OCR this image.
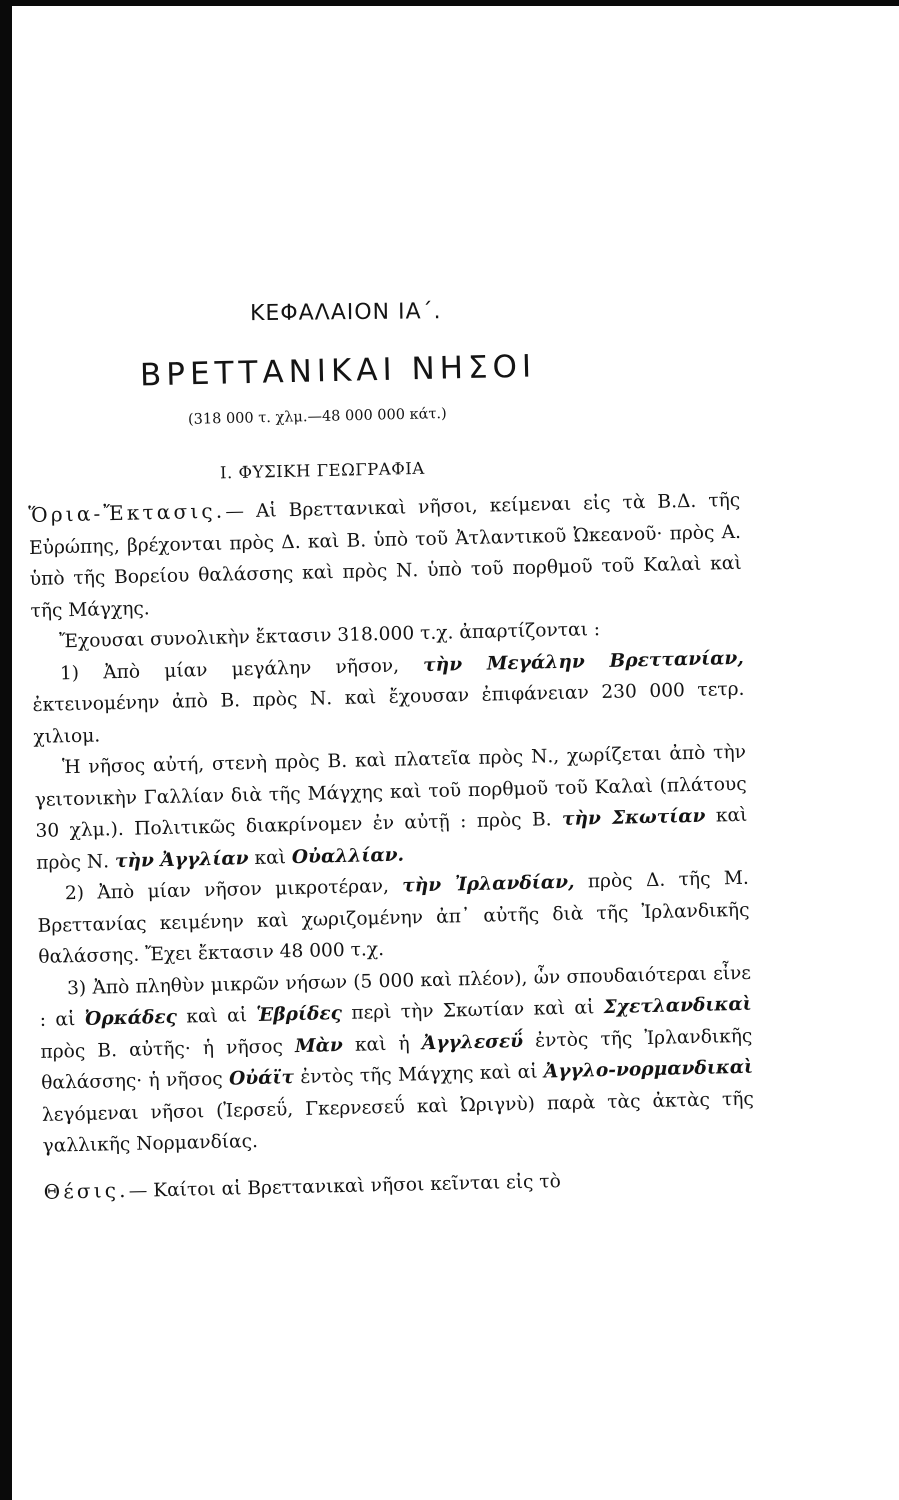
ΚΕΦΑΛΑΙΟΝ ΙΑ΄.
ΒΡΕΤΤΑΝΙΚΑΙ ΝΗΣΟΙ
(318 000 τ. χλμ.—48 000 000 κάτ.)
Ι. ΦΥΣΙΚΗ ΓΕΩΓΡΑΦΙΑ

Ὅρια-Ἔκτασις.— Αἱ Βρεττανικαὶ νῆσοι, κείμεναι εἰς τὰ Β.Δ. τῆς Εὐρώπης, βρέχονται πρὸς Δ. καὶ Β. ὑπὸ τοῦ Ἀτλαντικοῦ Ὠκεανοῦ· πρὸς Α. ὑπὸ τῆς Βορείου θαλάσσης καὶ πρὸς Ν. ὑπὸ τοῦ πορθμοῦ τοῦ Καλαὶ καὶ τῆς Μάγχης.

Ἔχουσαι συνολικὴν ἔκτασιν 318.000 τ.χ. ἀπαρτίζονται :

1) Ἀπὸ μίαν μεγάλην νῆσον, τὴν Μεγάλην Βρεττανίαν, ἐκτεινομένην ἀπὸ Β. πρὸς Ν. καὶ ἔχουσαν ἐπιφάνειαν 230 000 τετρ. χιλιομ.

Ἡ νῆσος αὐτή, στενὴ πρὸς Β. καὶ πλατεῖα πρὸς Ν., χωρίζεται ἀπὸ τὴν γειτονικὴν Γαλλίαν διὰ τῆς Μάγχης καὶ τοῦ πορθμοῦ τοῦ Καλαὶ (πλάτους 30 χλμ.). Πολιτικῶς διακρίνομεν ἐν αὐτῇ : πρὸς Β. τὴν Σκωτίαν καὶ πρὸς Ν. τὴν Ἀγγλίαν καὶ Οὐαλλίαν.

2) Ἀπὸ μίαν νῆσον μικροτέραν, τὴν Ἰρλανδίαν, πρὸς Δ. τῆς Μ. Βρεττανίας κειμένην καὶ χωριζομένην ἀπ᾽ αὐτῆς διὰ τῆς Ἰρλανδικῆς θαλάσσης. Ἔχει ἔκτασιν 48 000 τ.χ.

3) Ἀπὸ πληθὺν μικρῶν νήσων (5 000 καὶ πλέον), ὧν σπουδαιότεραι εἶνε : αἱ Ὀρκάδες καὶ αἱ Ἑβρίδες περὶ τὴν Σκωτίαν καὶ αἱ Σχετλανδικαὶ πρὸς Β. αὐτῆς· ἡ νῆσος Μὰν καὶ ἡ Ἀγγλεσεΰ ἐντὸς τῆς Ἰρλανδικῆς θαλάσσης· ἡ νῆσος Οὐάϊτ ἐντὸς τῆς Μάγχης καὶ αἱ Ἀγγλο-νορμανδικαὶ λεγόμεναι νῆσοι (Ἰερσεΰ, Γκερνεσεΰ καὶ Ὠριγνὺ) παρὰ τὰς ἀκτὰς τῆς γαλλικῆς Νορμανδίας.

Θέσις.— Καίτοι αἱ Βρεττανικαὶ νῆσοι κεῖνται εἰς τὸ
